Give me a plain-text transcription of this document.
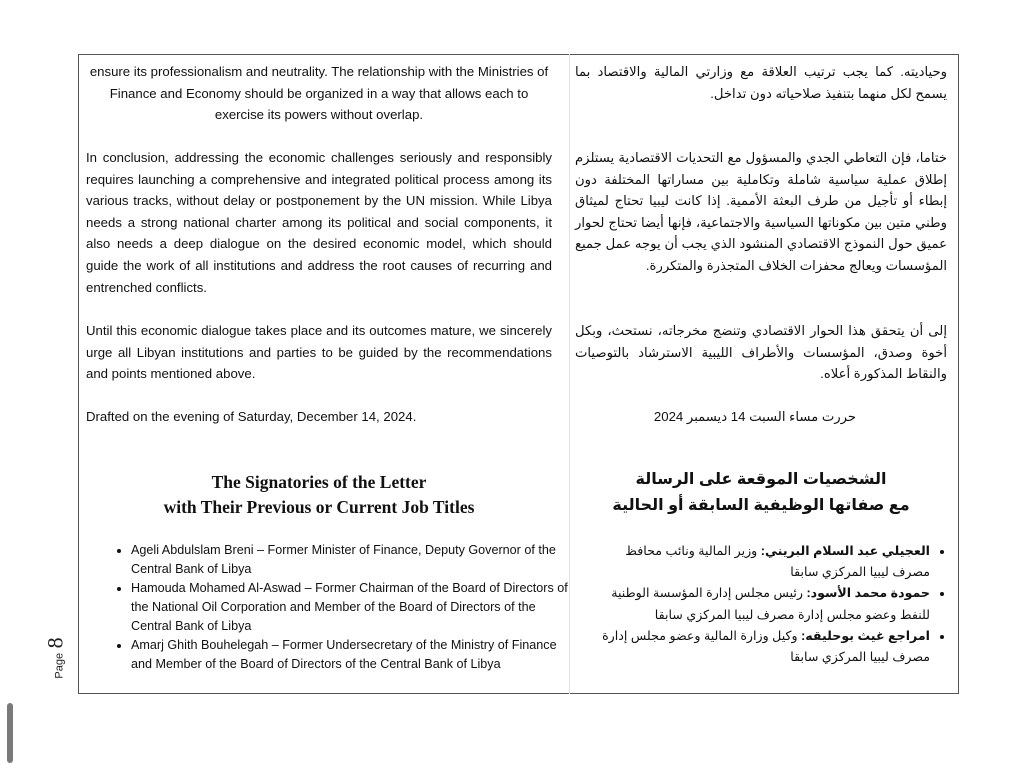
ensure its professionalism and neutrality. The relationship with the Ministries of Finance and Economy should be organized in a way that allows each to exercise its powers without overlap.

In conclusion, addressing the economic challenges seriously and responsibly requires launching a comprehensive and integrated political process among its various tracks, without delay or postponement by the UN mission. While Libya needs a strong national charter among its political and social components, it also needs a deep dialogue on the desired economic model, which should guide the work of all institutions and address the root causes of recurring and entrenched conflicts.

Until this economic dialogue takes place and its outcomes mature, we sincerely urge all Libyan institutions and parties to be guided by the recommendations and points mentioned above.

Drafted on the evening of Saturday, December 14, 2024.

The Signatories of the Letter
with Their Previous or Current Job Titles
• Ageli Abdulslam Breni – Former Minister of Finance, Deputy Governor of the Central Bank of Libya
• Hamouda Mohamed Al-Aswad – Former Chairman of the Board of Directors of the National Oil Corporation and Member of the Board of Directors of the Central Bank of Libya
• Amarj Ghith Bouhelegah – Former Undersecretary of the Ministry of Finance and Member of the Board of Directors of the Central Bank of Libya

وحياديته. كما يجب ترتيب العلاقة مع وزارتي المالية والاقتصاد بما يسمح لكل منهما بتنفيذ صلاحياته دون تداخل.

ختاما، فإن التعاطي الجدي والمسؤول مع التحديات الاقتصادية يستلزم إطلاق عملية سياسية شاملة وتكاملية بين مساراتها المختلفة دون إبطاء أو تأجيل من طرف البعثة الأممية. إذا كانت ليبيا تحتاج لميثاق وطني متين بين مكوناتها السياسية والاجتماعية، فإنها أيضا تحتاج لحوار عميق حول النموذج الاقتصادي المنشود الذي يجب أن يوجه عمل جميع المؤسسات ويعالج محفزات الخلاف المتجذرة والمتكررة.

إلى أن يتحقق هذا الحوار الاقتصادي وتنضج مخرجاته، نستحث، وبكل أخوة وصدق، المؤسسات والأطراف الليبية الاسترشاد بالتوصيات والنقاط المذكورة أعلاه.

حررت مساء السبت 14 ديسمبر 2024

الشخصيات الموقعة على الرسالة
مع صفاتها الوظيفية السابقة أو الحالية
• العجيلي عبد السلام البريني: وزير المالية ونائب محافظ مصرف ليبيا المركزي سابقا
• حمودة محمد الأسود: رئيس مجلس إدارة المؤسسة الوطنية للنفط وعضو مجلس إدارة مصرف ليبيا المركزي سابقا
• امراجع غيث بوحليقه: وكيل وزارة المالية وعضو مجلس إدارة مصرف ليبيا المركزي سابقا
Page 8
